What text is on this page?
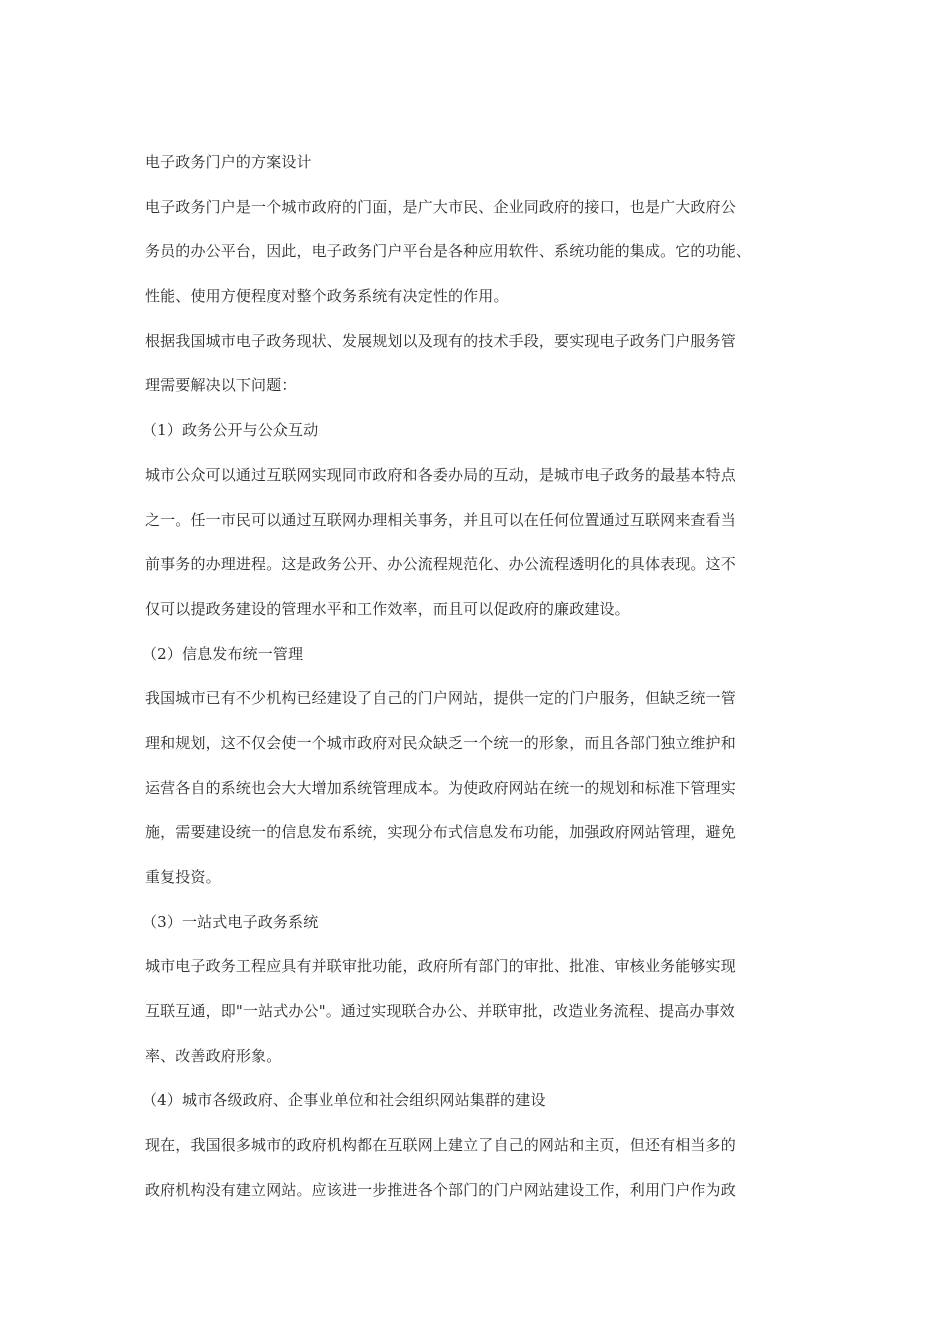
电子政务门户的方案设计
电子政务门户是一个城市政府的门面，是广大市民、企业同政府的接口，也是广大政府公
务员的办公平台，因此，电子政务门户平台是各种应用软件、系统功能的集成。它的功能、
性能、使用方便程度对整个政务系统有决定性的作用。
根据我国城市电子政务现状、发展规划以及现有的技术手段，要实现电子政务门户服务管
理需要解决以下问题：
（1）政务公开与公众互动
城市公众可以通过互联网实现同市政府和各委办局的互动，是城市电子政务的最基本特点
之一。任一市民可以通过互联网办理相关事务，并且可以在任何位置通过互联网来查看当
前事务的办理进程。这是政务公开、办公流程规范化、办公流程透明化的具体表现。这不
仅可以提政务建设的管理水平和工作效率，而且可以促政府的廉政建设。
（2）信息发布统一管理
我国城市已有不少机构已经建设了自己的门户网站，提供一定的门户服务，但缺乏统一管
理和规划，这不仅会使一个城市政府对民众缺乏一个统一的形象，而且各部门独立维护和
运营各自的系统也会大大增加系统管理成本。为使政府网站在统一的规划和标准下管理实
施，需要建设统一的信息发布系统，实现分布式信息发布功能，加强政府网站管理，避免
重复投资。
（3）一站式电子政务系统
城市电子政务工程应具有并联审批功能，政府所有部门的审批、批准、审核业务能够实现
互联互通，即"一站式办公"。通过实现联合办公、并联审批，改造业务流程、提高办事效
率、改善政府形象。
（4）城市各级政府、企事业单位和社会组织网站集群的建设
现在，我国很多城市的政府机构都在互联网上建立了自己的网站和主页，但还有相当多的
政府机构没有建立网站。应该进一步推进各个部门的门户网站建设工作，利用门户作为政
